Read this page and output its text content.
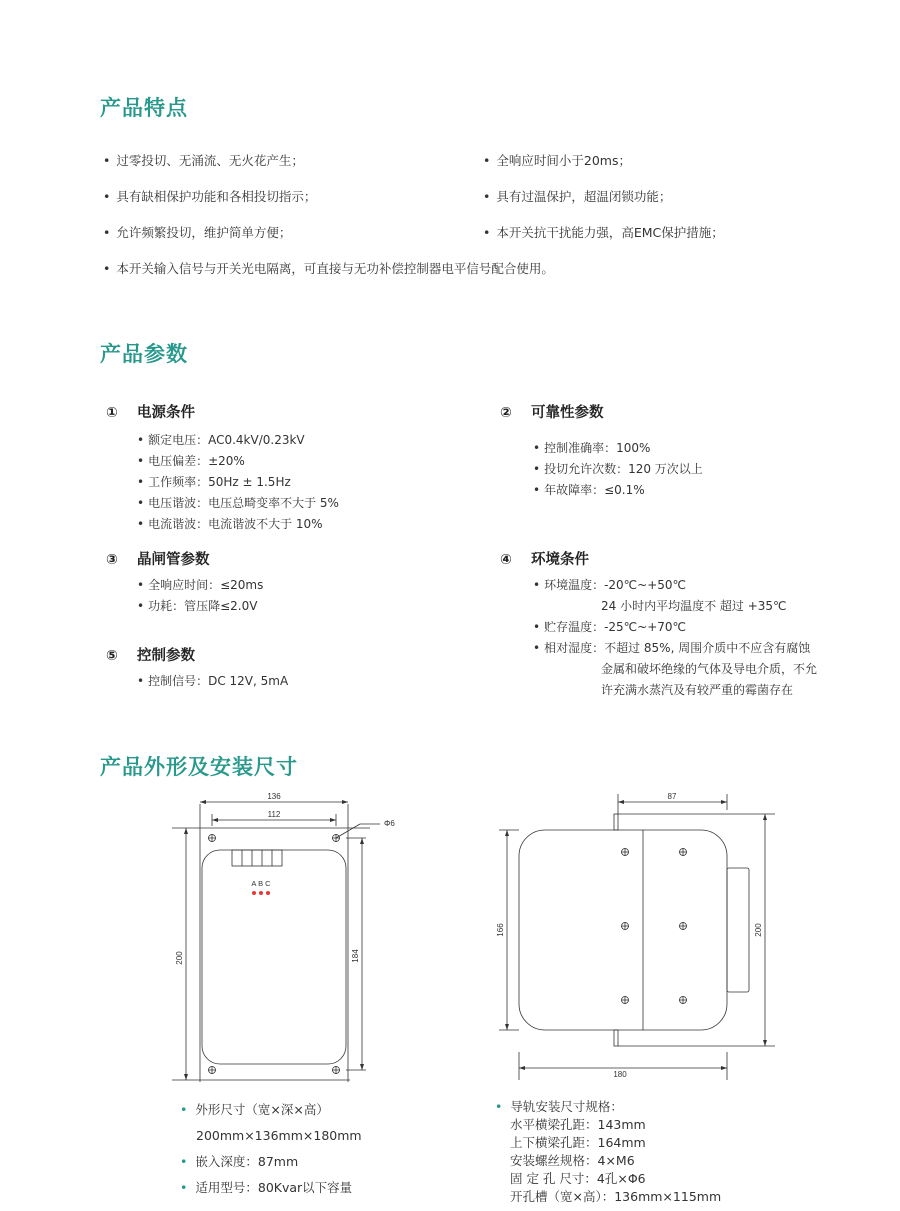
产品特点
• 过零投切、无涌流、无火花产生；	• 全响应时间小于20ms；
• 具有缺相保护功能和各相投切指示；	• 具有过温保护，超温闭锁功能；
• 允许频繁投切，维护简单方便；	• 本开关抗干扰能力强，高EMC保护措施；
• 本开关输入信号与开关光电隔离，可直接与无功补偿控制器电平信号配合使用。
产品参数
① 电源条件
• 额定电压：AC0.4kV/0.23kV
• 电压偏差：±20%
• 工作频率：50Hz ± 1.5Hz
• 电压谐波：电压总畸变率不大于 5%
• 电流谐波：电流谐波不大于 10%
② 可靠性参数
• 控制准确率：100%
• 投切允许次数：120 万次以上
• 年故障率：≤0.1%
③ 晶闸管参数
• 全响应时间：≤20ms
• 功耗：管压降≤2.0V
④ 环境条件
• 环境温度：-20℃~+50℃
24 小时内平均温度不 超过 +35℃
• 贮存温度：-25℃~+70℃
• 相对湿度：不超过 85%, 周围介质中不应含有腐蚀
金属和破坏绝缘的气体及导电介质，不允
许充满水蒸汽及有较严重的霉菌存在
⑤ 控制参数
• 控制信号：DC 12V, 5mA
产品外形及安装尺寸
136
112
Φ6
200	184
A B C
87
166	200
180
• 外形尺寸（宽×深×高）
200mm×136mm×180mm
• 嵌入深度：87mm
• 适用型号：80Kvar以下容量
• 导轨安装尺寸规格：
水平横梁孔距：143mm
上下横梁孔距：164mm
安装螺丝规格：4×M6
固 定 孔 尺寸：4孔×Φ6
开孔槽（宽×高）：136mm×115mm
